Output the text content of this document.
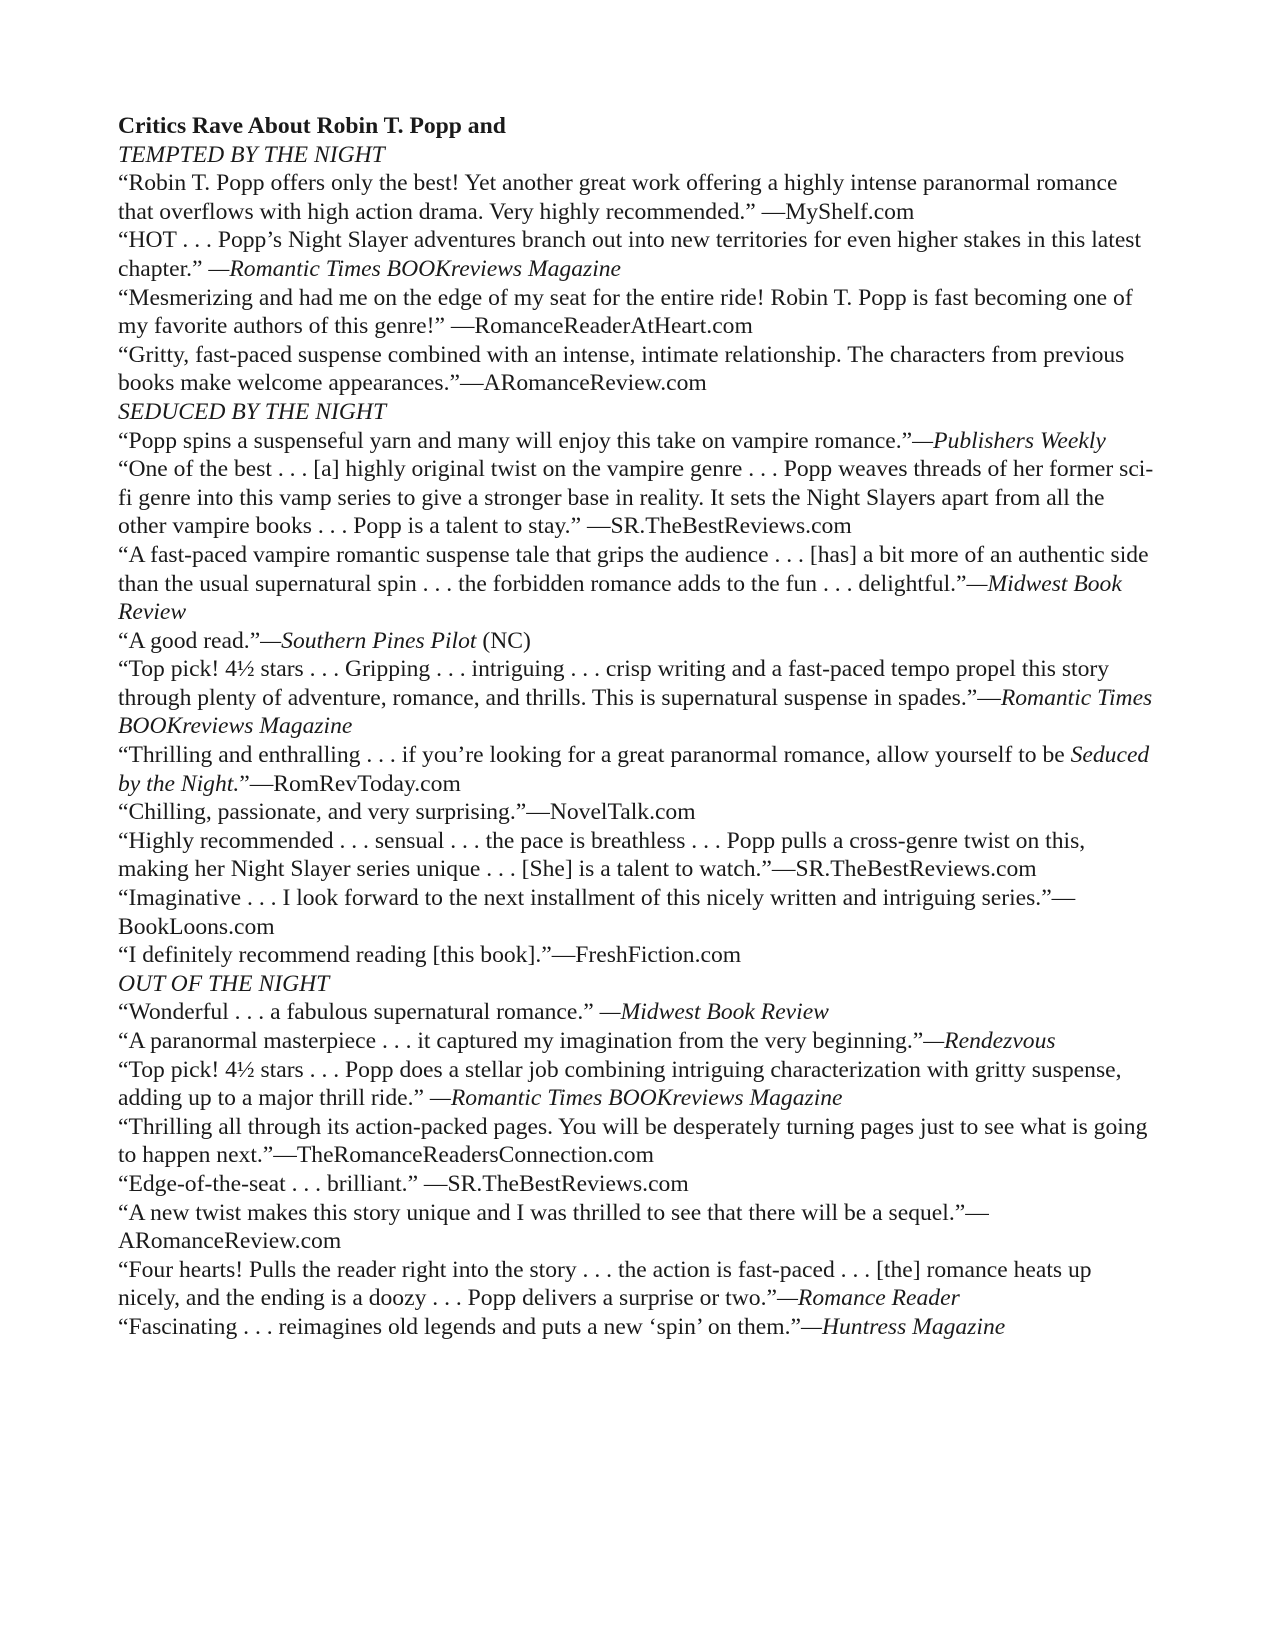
Critics Rave About Robin T. Popp and
TEMPTED BY THE NIGHT
“Robin T. Popp offers only the best! Yet another great work offering a highly intense paranormal romance that overflows with high action drama. Very highly recommended.” —MyShelf.com
“HOT . . . Popp’s Night Slayer adventures branch out into new territories for even higher stakes in this latest chapter.” —Romantic Times BOOKreviews Magazine
“Mesmerizing and had me on the edge of my seat for the entire ride! Robin T. Popp is fast becoming one of my favorite authors of this genre!” —RomanceReaderAtHeart.com
“Gritty, fast-paced suspense combined with an intense, intimate relationship. The characters from previous books make welcome appearances.”—ARomanceReview.com
SEDUCED BY THE NIGHT
“Popp spins a suspenseful yarn and many will enjoy this take on vampire romance.”—Publishers Weekly
“One of the best . . . [a] highly original twist on the vampire genre . . . Popp weaves threads of her former sci-fi genre into this vamp series to give a stronger base in reality. It sets the Night Slayers apart from all the other vampire books . . . Popp is a talent to stay.” —SR.TheBestReviews.com
“A fast-paced vampire romantic suspense tale that grips the audience . . . [has] a bit more of an authentic side than the usual supernatural spin . . . the forbidden romance adds to the fun . . . delightful.”—Midwest Book Review
“A good read.”—Southern Pines Pilot (NC)
“Top pick! 4½ stars . . . Gripping . . . intriguing . . . crisp writing and a fast-paced tempo propel this story through plenty of adventure, romance, and thrills. This is supernatural suspense in spades.”—Romantic Times BOOKreviews Magazine
“Thrilling and enthralling . . . if you’re looking for a great paranormal romance, allow yourself to be Seduced by the Night.”—RomRevToday.com
“Chilling, passionate, and very surprising.”—NovelTalk.com
“Highly recommended . . . sensual . . . the pace is breathless . . . Popp pulls a cross-genre twist on this, making her Night Slayer series unique . . . [She] is a talent to watch.”—SR.TheBestReviews.com
“Imaginative . . . I look forward to the next installment of this nicely written and intriguing series.”—BookLoons.com
“I definitely recommend reading [this book].”—FreshFiction.com
OUT OF THE NIGHT
“Wonderful . . . a fabulous supernatural romance.” —Midwest Book Review
“A paranormal masterpiece . . . it captured my imagination from the very beginning.”—Rendezvous
“Top pick! 4½ stars . . . Popp does a stellar job combining intriguing characterization with gritty suspense, adding up to a major thrill ride.” —Romantic Times BOOKreviews Magazine
“Thrilling all through its action-packed pages. You will be desperately turning pages just to see what is going to happen next.”—TheRomanceReadersConnection.com
“Edge-of-the-seat . . . brilliant.” —SR.TheBestReviews.com
“A new twist makes this story unique and I was thrilled to see that there will be a sequel.”—ARomanceReview.com
“Four hearts! Pulls the reader right into the story . . . the action is fast-paced . . . [the] romance heats up nicely, and the ending is a doozy . . . Popp delivers a surprise or two.”—Romance Reader
“Fascinating . . . reimagines old legends and puts a new ‘spin’ on them.”—Huntress Magazine
